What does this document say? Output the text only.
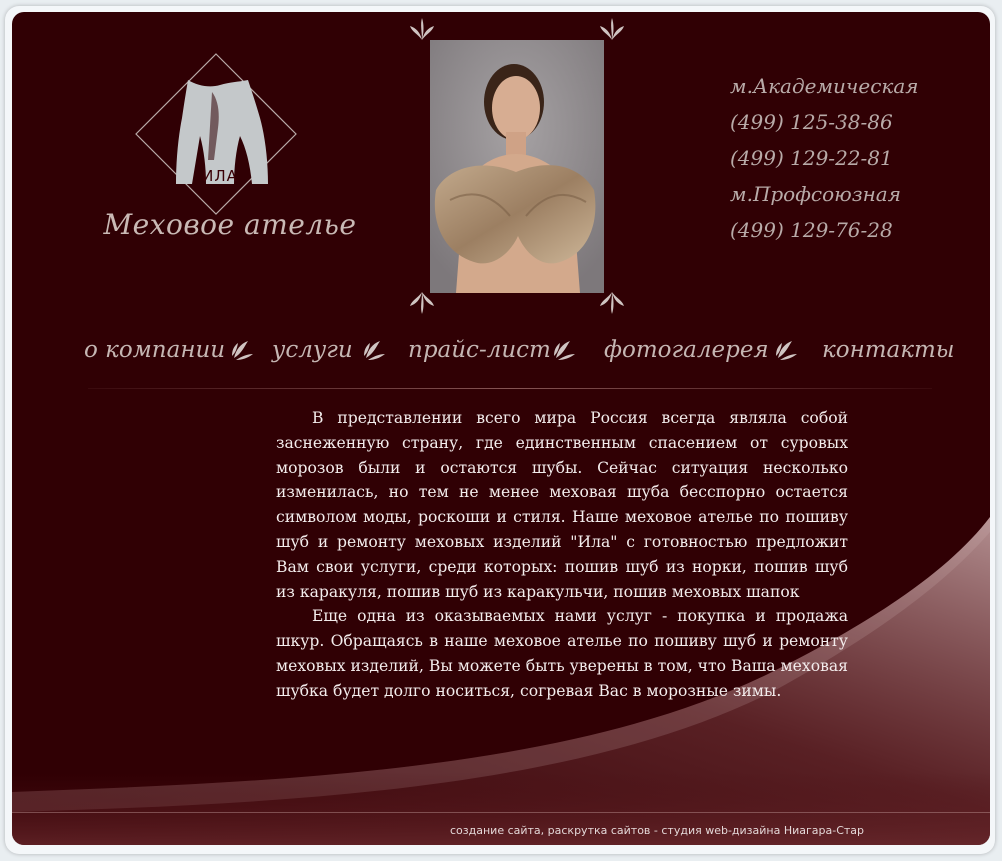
ИЛА
Меховое ателье
м.Академическая
(499) 125-38-86
(499) 129-22-81
м.Профсоюзная
(499) 129-76-28
о компании услуги прайс-лист фотогалерея контакты

В представлении всего мира Россия всегда являла собой заснеженную страну, где единственным спасением от суровых морозов были и остаются шубы. Сейчас ситуация несколько изменилась, но тем не менее меховая шуба бесспорно остается символом моды, роскоши и стиля. Наше меховое ателье по пошиву шуб и ремонту меховых изделий "Ила" с готовностью предложит Вам свои услуги, среди которых: пошив шуб из норки, пошив шуб из каракуля, пошив шуб из каракульчи, пошив меховых шапок

Еще одна из оказываемых нами услуг - покупка и продажа шкур. Обращаясь в наше меховое ателье по пошиву шуб и ремонту меховых изделий, Вы можете быть уверены в том, что Ваша меховая шубка будет долго носиться, согревая Вас в морозные зимы.

создание сайта, раскрутка сайтов - студия web-дизайна Ниагара-Стар
